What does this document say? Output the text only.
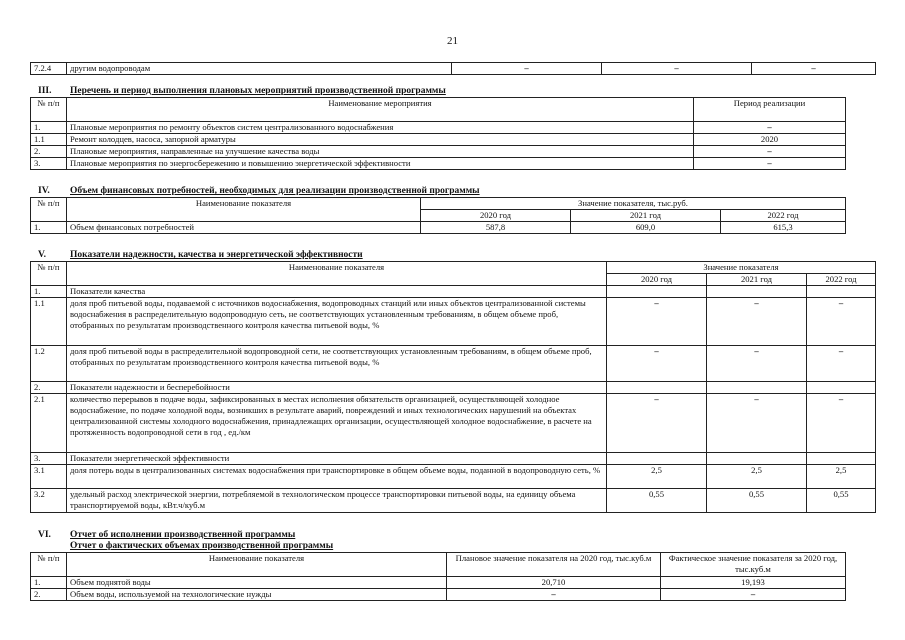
21
7.2.4	другим водопроводам	–	–	–
III. Перечень и период выполнения плановых мероприятий производственной программы
№ п/п	Наименование мероприятия	Период реализации
1.	Плановые мероприятия по ремонту объектов систем централизованного водоснабжения	–
1.1	Ремонт колодцев, насоса, запорной арматуры	2020
2.	Плановые мероприятия, направленные на улучшение качества воды	–
3.	Плановые мероприятия по энергосбережению и повышению энергетической эффективности	–
IV. Объем финансовых потребностей, необходимых для реализации производственной программы
№ п/п	Наименование показателя	Значение показателя, тыс.руб.		
		2020 год	2021 год	2022 год
1.	Объем финансовых потребностей	587,8	609,0	615,3
V.	Показатели надежности, качества и энергетической эффективности
№ п/п	Наименование показателя	Значение показателя		
		2020 год	2021 год	2022 год
1.	Показатели качества			
1.1	доля проб питьевой воды, подаваемой с источников водоснабжения, водопроводных станций или иных объектов централизованной системы водоснабжения в распределительную водопроводную сеть, не соответствующих установленным требованиям, в общем объеме проб, отобранных по результатам производственного контроля качества питьевой воды, %	–	–	–
1.2	доля проб питьевой воды в распределительной водопроводной сети, не соответствующих установленным требованиям, в общем объеме проб, отобранных по результатам производственного контроля качества питьевой воды, %	–	–	–
2.	Показатели надежности и бесперебойности			
2.1	количество перерывов в подаче воды, зафиксированных в местах исполнения обязательств организацией, осуществляющей холодное водоснабжение, по подаче холодной воды, возникших в результате аварий, повреждений и иных технологических нарушений на объектах централизованной системы холодного водоснабжения, принадлежащих организации, осуществляющей холодное водоснабжение, в расчете на протяженность водопроводной сети в год , ед./км	–	–	–
3.	Показатели энергетической эффективности			
3.1	доля потерь воды в централизованных системах водоснабжения при транспортировке в общем объеме воды, поданной в водопроводную сеть, %	2,5	2,5	2,5
3.2	удельный расход электрической энергии, потребляемой в технологическом процессе транспортировки питьевой воды, на единицу объема транспортируемой воды, кВт.ч/куб.м	0,55	0,55	0,55
VI. Отчет об исполнении производственной программы
Отчет о фактических объемах производственной программы
№ п/п	Наименование показателя	Плановое значение показателя на 2020 год, тыс.куб.м	Фактическое значение показателя за 2020 год, тыс.куб.м
1.	Объем поднятой воды	20,710	19,193
2.	Объем воды, используемой на технологические нужды	–	–
